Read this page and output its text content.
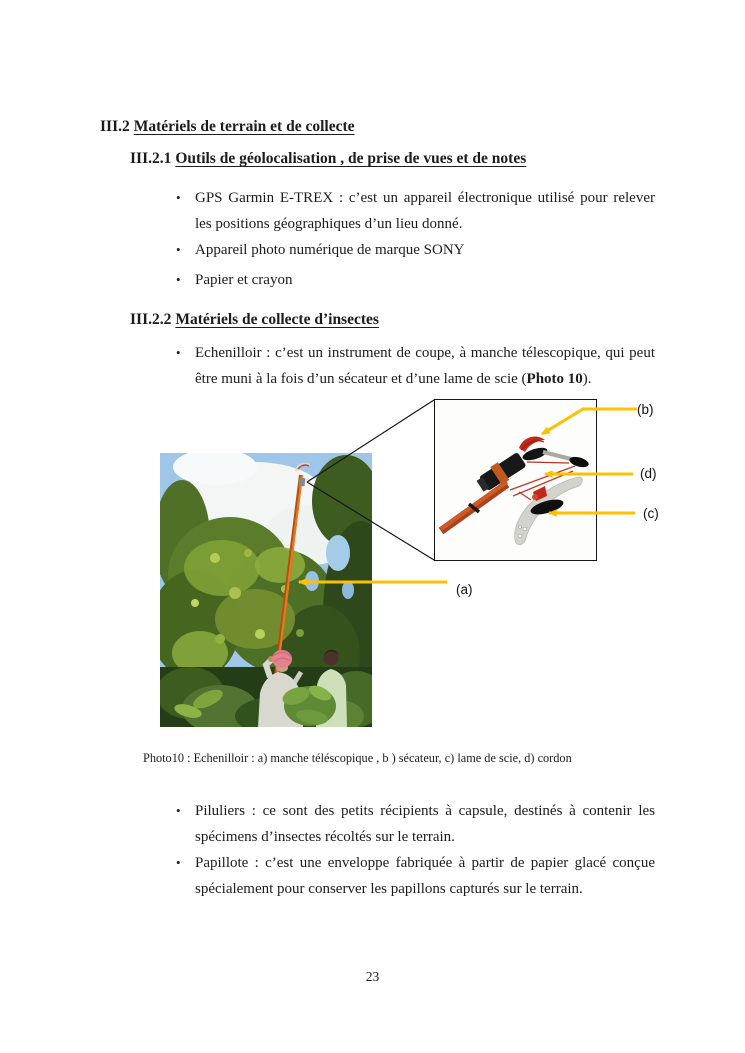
III.2 Matériels de terrain et de collecte
III.2.1 Outils de géolocalisation , de prise de vues et de notes
• GPS Garmin E-TREX : c’est un appareil électronique utilisé pour relever les positions géographiques d’un lieu donné.
• Appareil photo numérique de marque SONY
• Papier et crayon
III.2.2 Matériels de collecte d’insectes
• Echenilloir : c’est un instrument de coupe, à manche télescopique, qui peut être muni à la fois d’un sécateur et d’une lame de scie (Photo 10).
(b)
(d)
(c)
(a)
Photo10 : Echenilloir : a) manche téléscopique , b ) sécateur, c) lame de scie, d) cordon
• Piluliers : ce sont des petits récipients à capsule, destinés à contenir les spécimens d’insectes récoltés sur le terrain.
• Papillote : c’est une enveloppe fabriquée à partir de papier glacé conçue spécialement pour conserver les papillons capturés sur le terrain.
23
